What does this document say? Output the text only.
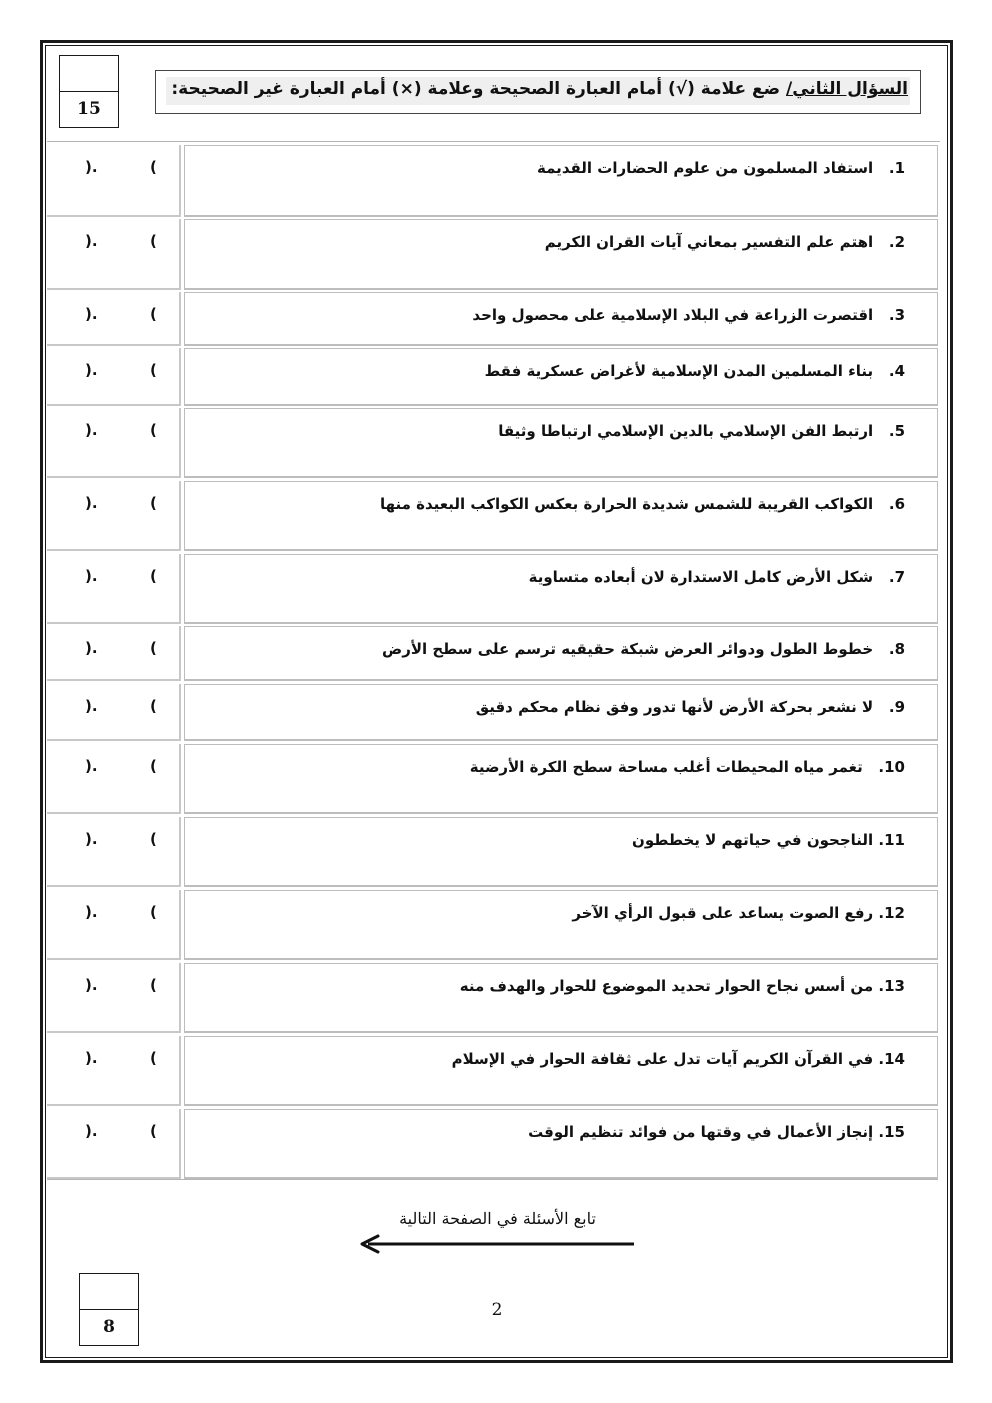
15
السؤال الثاني/ ضع علامة (√) أمام العبارة الصحيحة وعلامة (×) أمام العبارة غير الصحيحة:
(
).	1.   استفاد المسلمون من علوم الحضارات القديمة
(
).	2.   اهتم علم التفسير بمعاني آيات القران الكريم
(
).	3.   اقتصرت الزراعة في البلاد الإسلامية على محصول واحد
(
).	4.   بناء المسلمين المدن الإسلامية لأغراض عسكرية فقط
(
).	5.   ارتبط الفن الإسلامي بالدين الإسلامي ارتباطا وثيقا
(
).	6.   الكواكب القريبة للشمس شديدة الحرارة بعكس الكواكب البعيدة منها
(
).	7.   شكل الأرض كامل الاستدارة لان أبعاده متساوية
(
).	8.   خطوط الطول ودوائر العرض شبكة حقيقيه ترسم على سطح الأرض
(
).	9.   لا نشعر بحركة الأرض لأنها تدور وفق نظام محكم دقيق
(
).	10.   تغمر مياه المحيطات أغلب مساحة سطح الكرة الأرضية
(
).	11. الناجحون في حياتهم لا يخططون
(
).	12. رفع الصوت يساعد على قبول الرأي الآخر
(
).	13. من أسس نجاح الحوار تحديد الموضوع للحوار والهدف منه
(
).	14. في القرآن الكريم آيات تدل على ثقافة الحوار في الإسلام
(
).	15. إنجاز الأعمال في وقتها من فوائد تنظيم الوقت
تابع الأسئلة في الصفحة التالية
2
8
